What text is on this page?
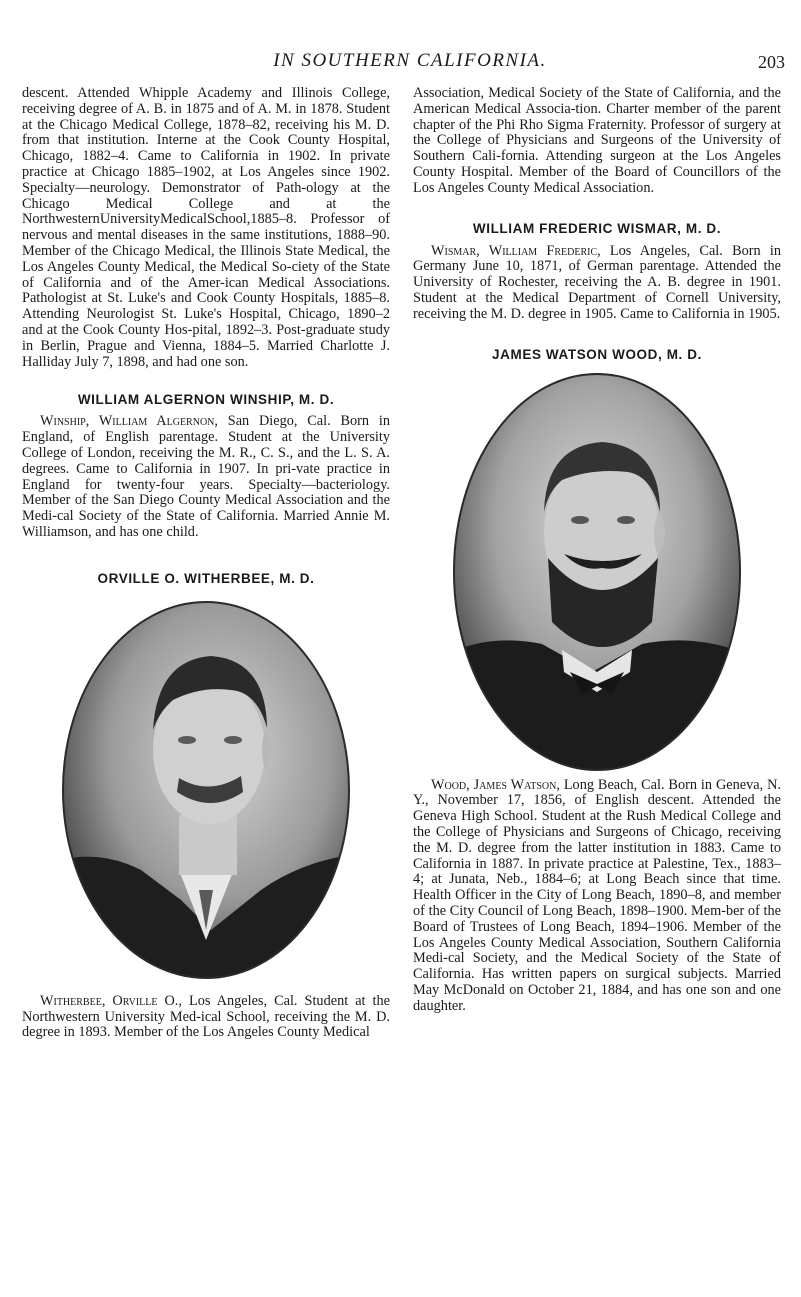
IN SOUTHERN CALIFORNIA.	203

descent. Attended Whipple Academy and Illinois College, receiving degree of A. B. in 1875 and of A. M. in 1878. Student at the Chicago Medical College, 1878–82, receiving his M. D. from that institution. Interne at the Cook County Hospital, Chicago, 1882–4. Came to California in 1902. In private practice at Chicago 1885–1902, at Los Angeles since 1902. Specialty—neurology. Demonstrator of Path-ology at the Chicago Medical College and at the NorthwesternUniversityMedicalSchool,1885–8. Professor of nervous and mental diseases in the same institutions, 1888–90. Member of the Chicago Medical, the Illinois State Medical, the Los Angeles County Medical, the Medical So-ciety of the State of California and of the Amer-ican Medical Associations. Pathologist at St. Luke's and Cook County Hospitals, 1885–8. Attending Neurologist St. Luke's Hospital, Chicago, 1890–2 and at the Cook County Hos-pital, 1892–3. Post-graduate study in Berlin, Prague and Vienna, 1884–5. Married Charlotte J. Halliday July 7, 1898, and had one son.

WILLIAM ALGERNON WINSHIP, M. D.

Winship, William Algernon, San Diego, Cal. Born in England, of English parentage. Student at the University College of London, receiving the M. R., C. S., and the L. S. A. degrees. Came to California in 1907. In pri-vate practice in England for twenty-four years. Specialty—bacteriology. Member of the San Diego County Medical Association and the Medi-cal Society of the State of California. Married Annie M. Williamson, and has one child.

ORVILLE O. WITHERBEE, M. D.

Witherbee, Orville O., Los Angeles, Cal. Student at the Northwestern University Med-ical School, receiving the M. D. degree in 1893. Member of the Los Angeles County Medical

Association, Medical Society of the State of California, and the American Medical Associa-tion. Charter member of the parent chapter of the Phi Rho Sigma Fraternity. Professor of surgery at the College of Physicians and Surgeons of the University of Southern Cali-fornia. Attending surgeon at the Los Angeles County Hospital. Member of the Board of Councillors of the Los Angeles County Medical Association.

WILLIAM FREDERIC WISMAR, M. D.

Wismar, William Frederic, Los Angeles, Cal. Born in Germany June 10, 1871, of German parentage. Attended the University of Rochester, receiving the A. B. degree in 1901. Student at the Medical Department of Cornell University, receiving the M. D. degree in 1905. Came to California in 1905.

JAMES WATSON WOOD, M. D.

Wood, James Watson, Long Beach, Cal. Born in Geneva, N. Y., November 17, 1856, of English descent. Attended the Geneva High School. Student at the Rush Medical College and the College of Physicians and Surgeons of Chicago, receiving the M. D. degree from the latter institution in 1883. Came to California in 1887. In private practice at Palestine, Tex., 1883–4; at Junata, Neb., 1884–6; at Long Beach since that time. Health Officer in the City of Long Beach, 1890–8, and member of the City Council of Long Beach, 1898–1900. Mem-ber of the Board of Trustees of Long Beach, 1894–1906. Member of the Los Angeles County Medical Association, Southern California Medi-cal Society, and the Medical Society of the State of California. Has written papers on surgical subjects. Married May McDonald on October 21, 1884, and has one son and one daughter.
